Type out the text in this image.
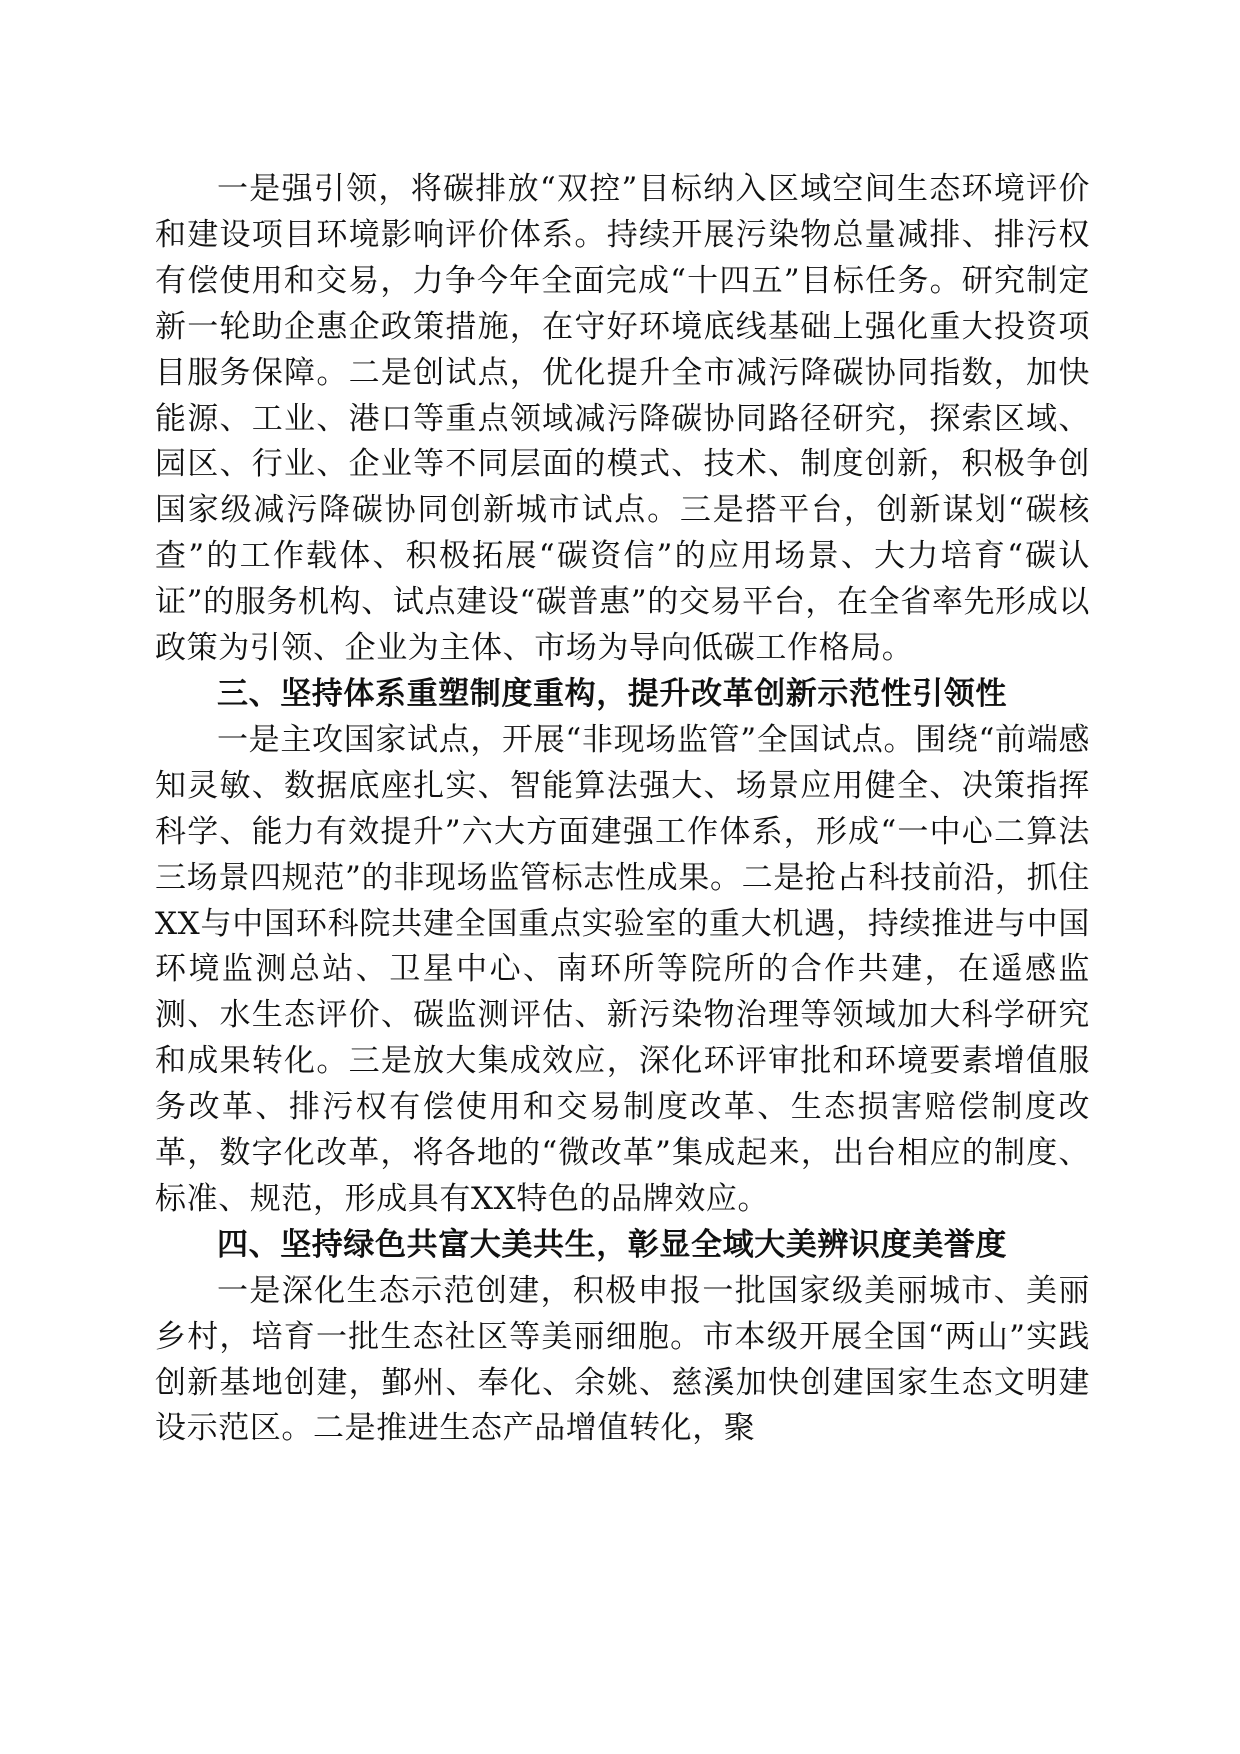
一是强引领，将碳排放“双控”目标纳入区域空间生态环境评价和建设项目环境影响评价体系。持续开展污染物总量减排、排污权有偿使用和交易，力争今年全面完成“十四五”目标任务。研究制定新一轮助企惠企政策措施，在守好环境底线基础上强化重大投资项目服务保障。二是创试点，优化提升全市减污降碳协同指数，加快能源、工业、港口等重点领域减污降碳协同路径研究，探索区域、园区、行业、企业等不同层面的模式、技术、制度创新，积极争创国家级减污降碳协同创新城市试点。三是搭平台，创新谋划“碳核查”的工作载体、积极拓展“碳资信”的应用场景、大力培育“碳认证”的服务机构、试点建设“碳普惠”的交易平台，在全省率先形成以政策为引领、企业为主体、市场为导向低碳工作格局。

三、坚持体系重塑制度重构，提升改革创新示范性引领性

一是主攻国家试点，开展“非现场监管”全国试点。围绕“前端感知灵敏、数据底座扎实、智能算法强大、场景应用健全、决策指挥科学、能力有效提升”六大方面建强工作体系，形成“一中心二算法三场景四规范”的非现场监管标志性成果。二是抢占科技前沿，抓住XX与中国环科院共建全国重点实验室的重大机遇，持续推进与中国环境监测总站、卫星中心、南环所等院所的合作共建，在遥感监测、水生态评价、碳监测评估、新污染物治理等领域加大科学研究和成果转化。三是放大集成效应，深化环评审批和环境要素增值服务改革、排污权有偿使用和交易制度改革、生态损害赔偿制度改革，数字化改革，将各地的“微改革”集成起来，出台相应的制度、标准、规范，形成具有XX特色的品牌效应。

四、坚持绿色共富大美共生，彰显全域大美辨识度美誉度

一是深化生态示范创建，积极申报一批国家级美丽城市、美丽乡村，培育一批生态社区等美丽细胞。市本级开展全国“两山”实践创新基地创建，鄞州、奉化、余姚、慈溪加快创建国家生态文明建设示范区。二是推进生态产品增值转化，聚
